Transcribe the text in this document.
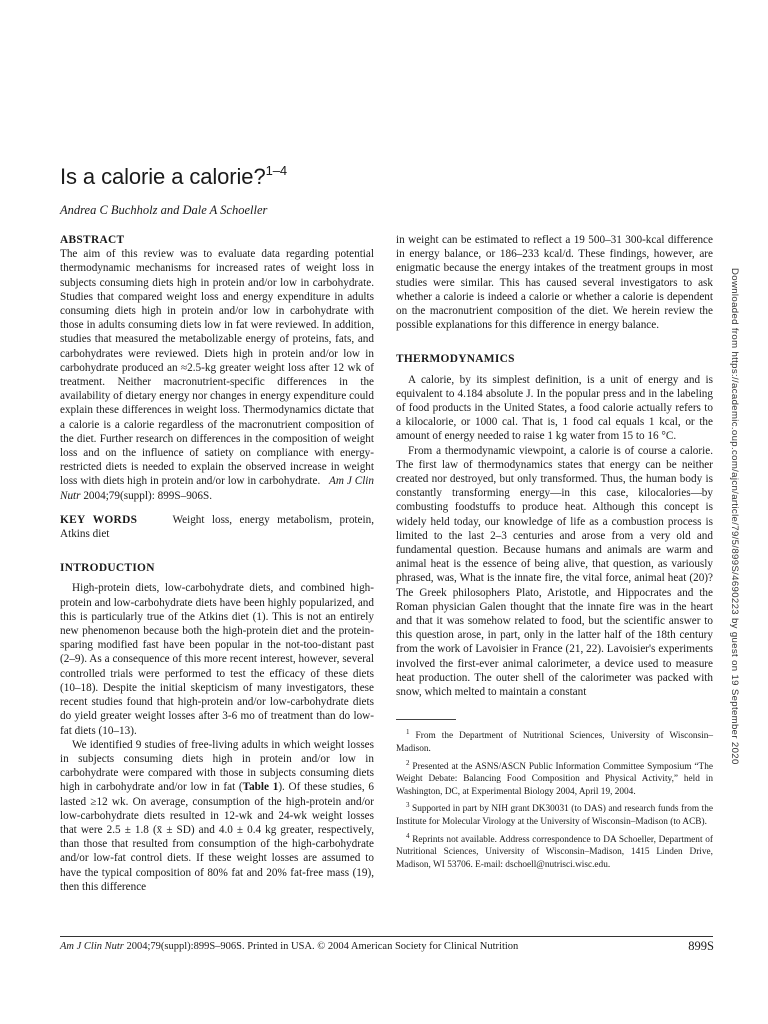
Is a calorie a calorie?$^{1-4}$

Andrea C Buchholz and Dale A Schoeller

ABSTRACT
The aim of this review was to evaluate data regarding potential thermodynamic mechanisms for increased rates of weight loss in subjects consuming diets high in protein and/or low in carbohydrate. Studies that compared weight loss and energy expenditure in adults consuming diets high in protein and/or low in carbohydrate with those in adults consuming diets low in fat were reviewed. In addition, studies that measured the metabolizable energy of proteins, fats, and carbohydrates were reviewed. Diets high in protein and/or low in carbohydrate produced an ≈2.5-kg greater weight loss after 12 wk of treatment. Neither macronutrient-specific differences in the availability of dietary energy nor changes in energy expenditure could explain these differences in weight loss. Thermodynamics dictate that a calorie is a calorie regardless of the macronutrient composition of the diet. Further research on differences in the composition of weight loss and on the influence of satiety on compliance with energy-restricted diets is needed to explain the observed increase in weight loss with diets high in protein and/or low in carbohydrate. Am J Clin Nutr 2004;79(suppl): 899S–906S.

KEY WORDS	Weight loss, energy metabolism, protein, Atkins diet

INTRODUCTION

High-protein diets, low-carbohydrate diets, and combined high-protein and low-carbohydrate diets have been highly popularized, and this is particularly true of the Atkins diet (1). This is not an entirely new phenomenon because both the high-protein diet and the protein-sparing modified fast have been popular in the not-too-distant past (2–9). As a consequence of this more recent interest, however, several controlled trials were performed to test the efficacy of these diets (10–18). Despite the initial skepticism of many investigators, these recent studies found that high-protein and/or low-carbohydrate diets do yield greater weight losses after 3-6 mo of treatment than do low-fat diets (10–13).

We identified 9 studies of free-living adults in which weight losses in subjects consuming diets high in protein and/or low in carbohydrate were compared with those in subjects consuming diets high in carbohydrate and/or low in fat (Table 1). Of these studies, 6 lasted ≥12 wk. On average, consumption of the high-protein and/or low-carbohydrate diets resulted in 12-wk and 24-wk weight losses that were 2.5 ± 1.8 (x̄ ± SD) and 4.0 ± 0.4 kg greater, respectively, than those that resulted from consumption of the high-carbohydrate and/or low-fat control diets. If these weight losses are assumed to have the typical composition of 80% fat and 20% fat-free mass (19), then this difference

in weight can be estimated to reflect a 19 500–31 300-kcal difference in energy balance, or 186–233 kcal/d. These findings, however, are enigmatic because the energy intakes of the treatment groups in most studies were similar. This has caused several investigators to ask whether a calorie is indeed a calorie or whether a calorie is dependent on the macronutrient composition of the diet. We herein review the possible explanations for this difference in energy balance.

THERMODYNAMICS

A calorie, by its simplest definition, is a unit of energy and is equivalent to 4.184 absolute J. In the popular press and in the labeling of food products in the United States, a food calorie actually refers to a kilocalorie, or 1000 cal. That is, 1 food cal equals 1 kcal, or the amount of energy needed to raise 1 kg water from 15 to 16 °C.

From a thermodynamic viewpoint, a calorie is of course a calorie. The first law of thermodynamics states that energy can be neither created nor destroyed, but only transformed. Thus, the human body is constantly transforming energy—in this case, kilocalories—by combusting foodstuffs to produce heat. Although this concept is widely held today, our knowledge of life as a combustion process is limited to the last 2–3 centuries and arose from a very old and fundamental question. Because humans and animals are warm and animal heat is the essence of being alive, that question, as variously phrased, was, What is the innate fire, the vital force, animal heat (20)? The Greek philosophers Plato, Aristotle, and Hippocrates and the Roman physician Galen thought that the innate fire was in the heart and that it was somehow related to food, but the scientific answer to this question arose, in part, only in the latter half of the 18th century from the work of Lavoisier in France (21, 22). Lavoisier's experiments involved the first-ever animal calorimeter, a device used to measure heat production. The outer shell of the calorimeter was packed with snow, which melted to maintain a constant

$^1$ From the Department of Nutritional Sciences, University of Wisconsin–Madison.

$^2$ Presented at the ASNS/ASCN Public Information Committee Symposium “The Weight Debate: Balancing Food Composition and Physical Activity,” held in Washington, DC, at Experimental Biology 2004, April 19, 2004.

$^3$ Supported in part by NIH grant DK30031 (to DAS) and research funds from the Institute for Molecular Virology at the University of Wisconsin–Madison (to ACB).

$^4$ Reprints not available. Address correspondence to DA Schoeller, Department of Nutritional Sciences, University of Wisconsin–Madison, 1415 Linden Drive, Madison, WI 53706. E-mail: dschoell@nutrisci.wisc.edu.

Am J Clin Nutr 2004;79(suppl):899S–906S. Printed in USA. © 2004 American Society for Clinical Nutrition	899S
Downloaded from https://academic.oup.com/ajcn/article/79/5/899S/4690223 by guest on 19 September 2020
